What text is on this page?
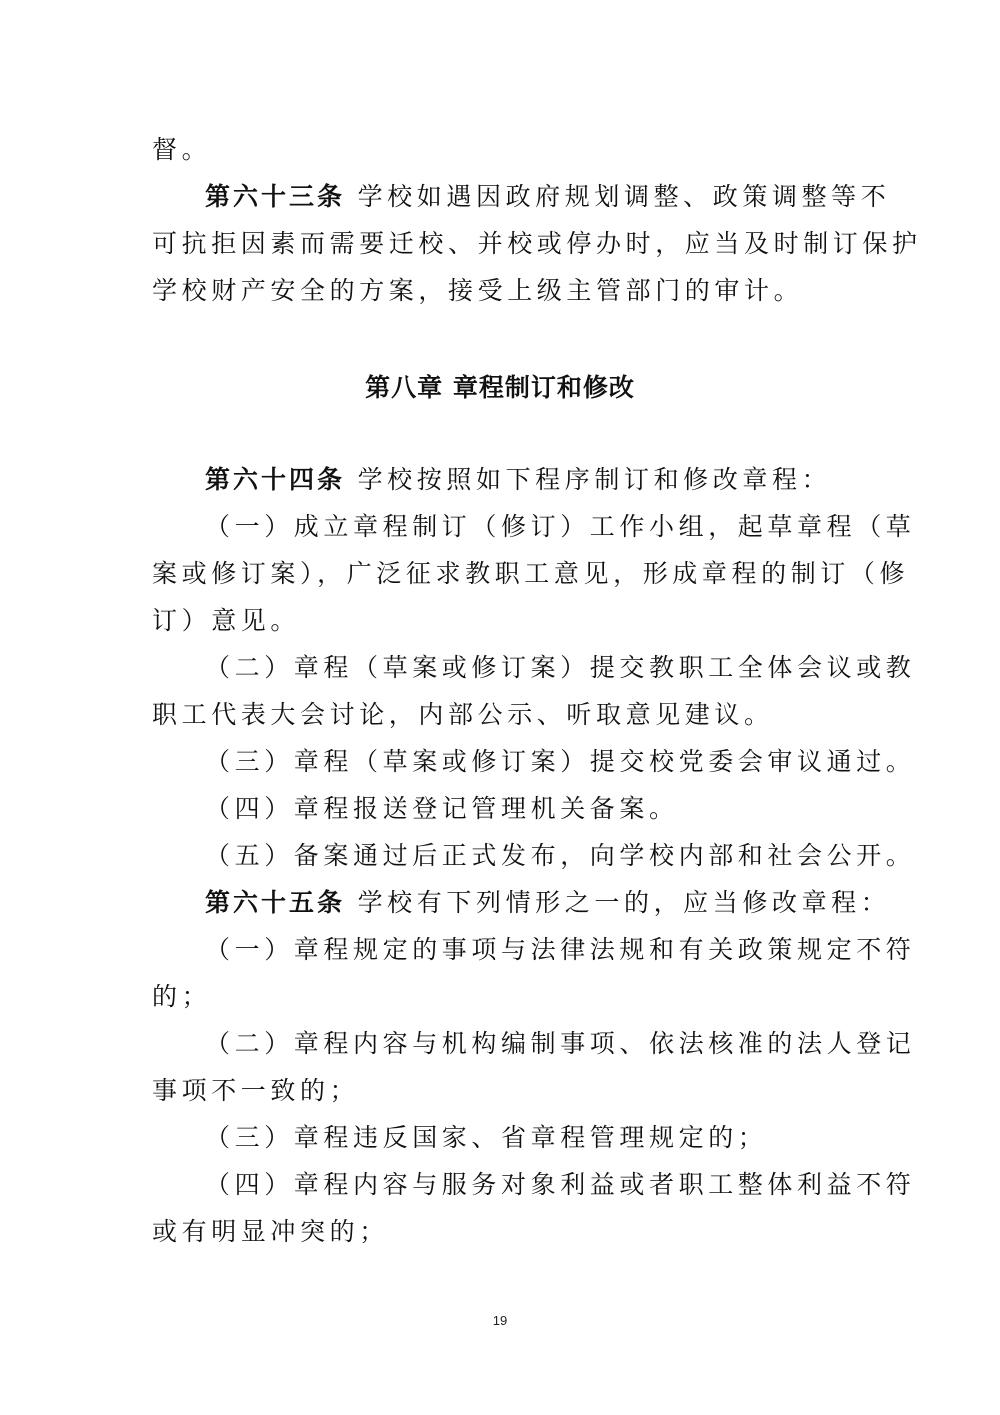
督。
第六十三条 学校如遇因政府规划调整、政策调整等不
可抗拒因素而需要迁校、并校或停办时，应当及时制订保护
学校财产安全的方案，接受上级主管部门的审计。
第八章 章程制订和修改
第六十四条 学校按照如下程序制订和修改章程：
（一）成立章程制订（修订）工作小组，起草章程（草
案或修订案），广泛征求教职工意见，形成章程的制订（修
订）意见。
（二）章程（草案或修订案）提交教职工全体会议或教
职工代表大会讨论，内部公示、听取意见建议。
（三）章程（草案或修订案）提交校党委会审议通过。
（四）章程报送登记管理机关备案。
（五）备案通过后正式发布，向学校内部和社会公开。
第六十五条 学校有下列情形之一的，应当修改章程：
（一）章程规定的事项与法律法规和有关政策规定不符
的；
（二）章程内容与机构编制事项、依法核准的法人登记
事项不一致的；
（三）章程违反国家、省章程管理规定的；
（四）章程内容与服务对象利益或者职工整体利益不符
或有明显冲突的；
19
